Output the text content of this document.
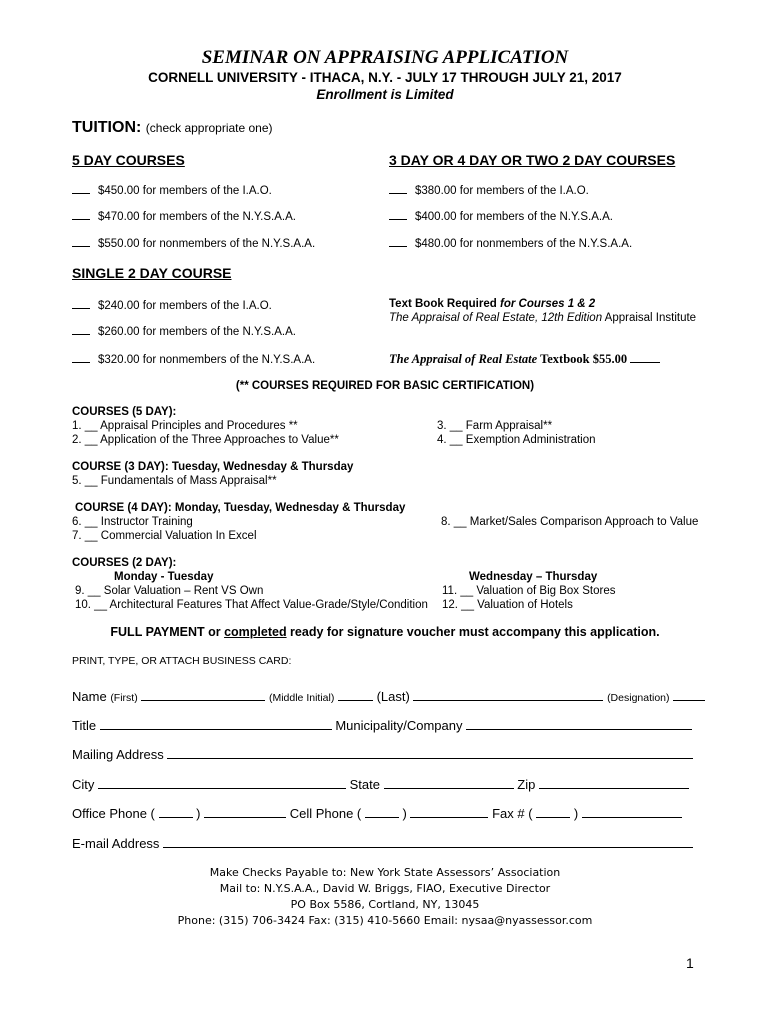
SEMINAR ON APPRAISING APPLICATION
CORNELL UNIVERSITY - ITHACA, N.Y. - JULY 17 THROUGH JULY 21, 2017
Enrollment is Limited
TUITION: (check appropriate one)
5 DAY COURSES
$450.00 for members of the I.A.O.
$470.00 for members of the N.Y.S.A.A.
$550.00 for nonmembers of the N.Y.S.A.A.
3 DAY OR 4 DAY OR TWO 2 DAY COURSES
$380.00 for members of the I.A.O.
$400.00 for members of the N.Y.S.A.A.
$480.00 for nonmembers of the N.Y.S.A.A.
SINGLE 2 DAY COURSE
$240.00 for members of the I.A.O.
$260.00 for members of the N.Y.S.A.A.
$320.00 for nonmembers of the N.Y.S.A.A.
Text Book Required for Courses 1 & 2
The Appraisal of Real Estate, 12th Edition Appraisal Institute
The Appraisal of Real Estate Textbook $55.00
(** COURSES REQUIRED FOR BASIC CERTIFICATION)
COURSES (5 DAY):
1. __ Appraisal Principles and Procedures **
2. __ Application of the Three Approaches to Value**
3. __ Farm Appraisal**
4. __ Exemption Administration
COURSE (3 DAY): Tuesday, Wednesday & Thursday
5. __ Fundamentals of Mass Appraisal**
COURSE (4 DAY): Monday, Tuesday, Wednesday & Thursday
6. __ Instructor Training
7. __ Commercial Valuation In Excel
8. __ Market/Sales Comparison Approach to Value
COURSES (2 DAY):
Monday - Tuesday	Wednesday – Thursday
9. __ Solar Valuation – Rent VS Own
10. __ Architectural Features That Affect Value-Grade/Style/Condition
11. __ Valuation of Big Box Stores
12. __ Valuation of Hotels
FULL PAYMENT or completed ready for signature voucher must accompany this application.
PRINT, TYPE, OR ATTACH BUSINESS CARD:
Name (First)	(Middle Initial)	(Last)	(Designation)
Title	Municipality/Company
Mailing Address
City	State	Zip
Office Phone (	)	Cell Phone (	)	Fax # (	)
E-mail Address
Make Checks Payable to: New York State Assessors’ Association
Mail to: N.Y.S.A.A., David W. Briggs, FIAO, Executive Director
PO Box 5586, Cortland, NY, 13045
Phone: (315) 706-3424 Fax: (315) 410-5660 Email: nysaa@nyassessor.com
1
